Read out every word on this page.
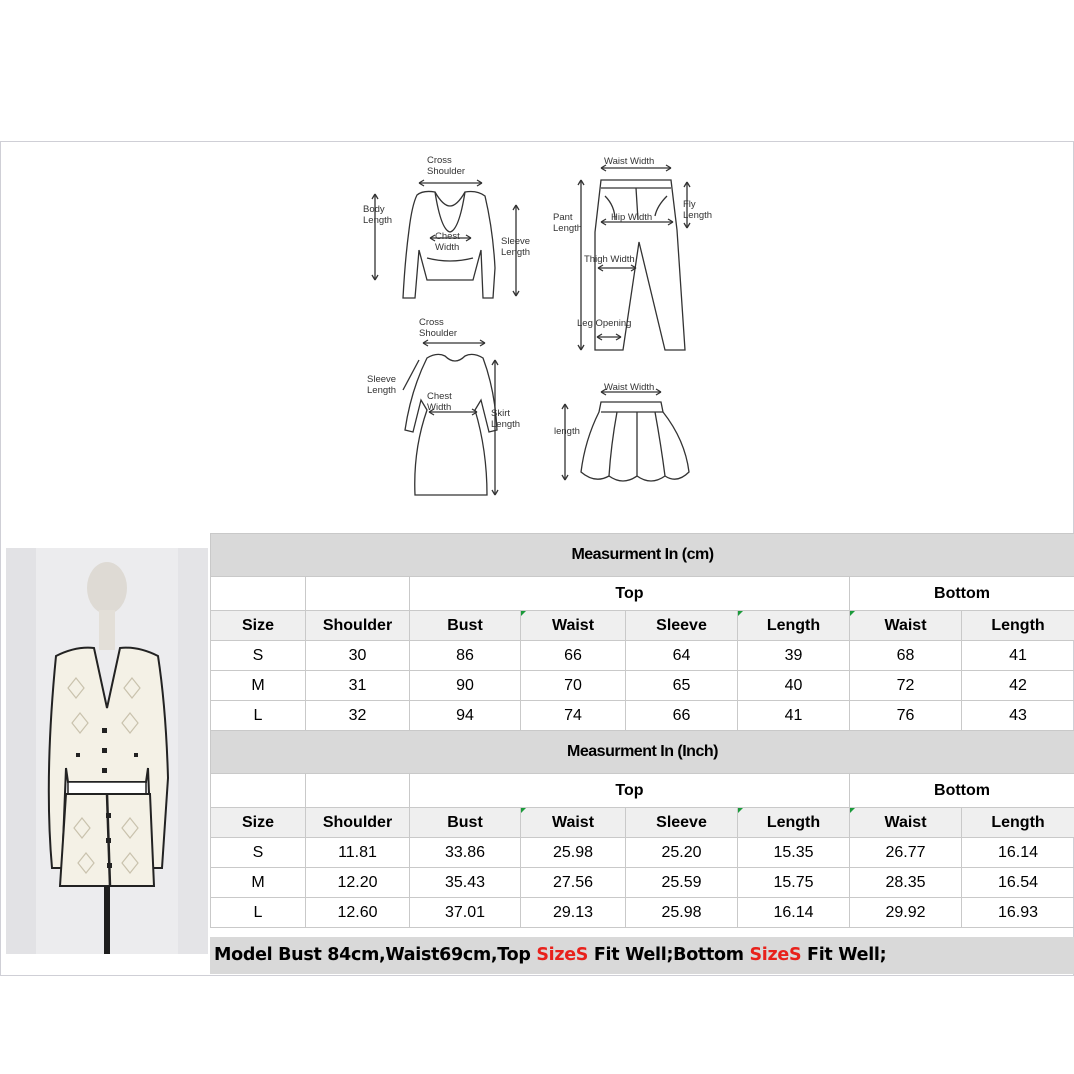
Cross
Shoulder
Body
Length
Chest
Width
Sleeve
Length
Waist Width
Pant
Length
Fly
Length
Hip Width
Thigh Width
Leg Opening
Cross
Shoulder
Sleeve
Length
Chest
Width
Skirt
Length
Waist Width
length
Measurment In (cm)							
		Top				Bottom	
Size	Shoulder	Bust	Waist	Sleeve	Length	Waist	Length
S	30	86	66	64	39	68	41
M	31	90	70	65	40	72	42
L	32	94	74	66	41	76	43
Measurment In (Inch)							
		Top				Bottom	
Size	Shoulder	Bust	Waist	Sleeve	Length	Waist	Length
S	11.81	33.86	25.98	25.20	15.35	26.77	16.14
M	12.20	35.43	27.56	25.59	15.75	28.35	16.54
L	12.60	37.01	29.13	25.98	16.14	29.92	16.93
Model Bust 84cm,Waist69cm,Top SizeS Fit Well;Bottom SizeS Fit Well;
